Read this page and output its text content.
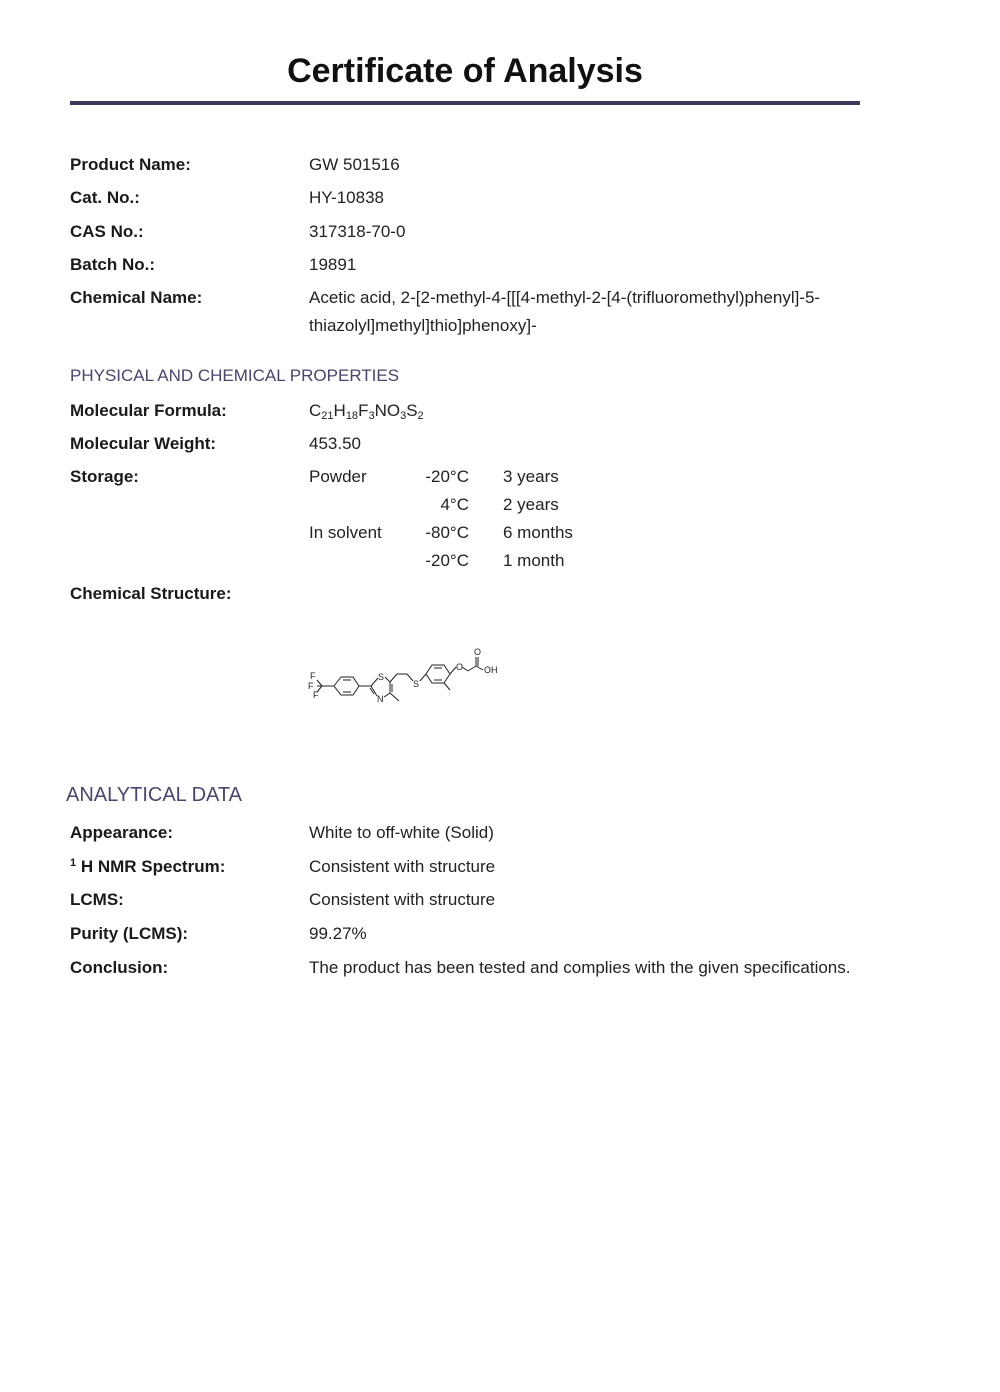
Certificate of Analysis
Product Name:	GW 501516
Cat. No.:	HY-10838
CAS No.:	317318-70-0
Batch No.:	19891
Chemical Name:	Acetic acid, 2-[2-methyl-4-[[[4-methyl-2-[4-(trifluoromethyl)phenyl]-5-thiazolyl]methyl]thio]phenoxy]-
PHYSICAL AND CHEMICAL PROPERTIES
Molecular Formula:	$C_{21}H_{18}F_3NO_3S_2$
Molecular Weight:	453.50
Storage:	Powder	-20°C 3 years
4°C 2 years
In solvent	-80°C 6 months
-20°C 1 month
Chemical Structure:
F
F
F
S
N
S
O
O
OH
ANALYTICAL DATA
Appearance:	White to off-white (Solid)
$^1$ H NMR Spectrum:	Consistent with structure
LCMS:	Consistent with structure
Purity (LCMS):	99.27%
Conclusion:	The product has been tested and complies with the given specifications.
